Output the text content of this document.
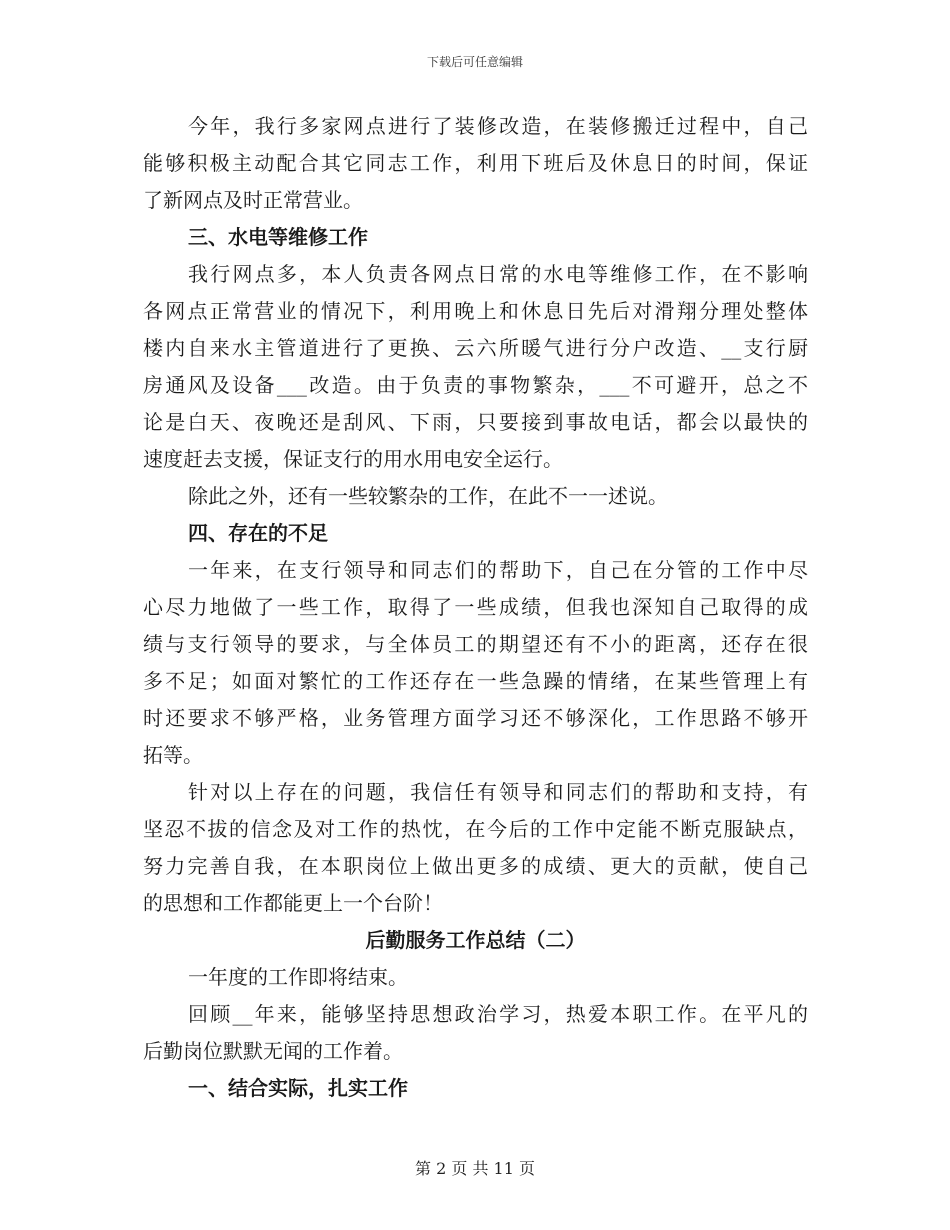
下载后可任意编辑
今年，我行多家网点进行了装修改造，在装修搬迁过程中，自己
能够积极主动配合其它同志工作，利用下班后及休息日的时间，保证
了新网点及时正常营业。
三、水电等维修工作
我行网点多，本人负责各网点日常的水电等维修工作，在不影响
各网点正常营业的情况下，利用晚上和休息日先后对滑翔分理处整体
楼内自来水主管道进行了更换、云六所暖气进行分户改造、__支行厨
房通风及设备___改造。由于负责的事物繁杂，___不可避开，总之不
论是白天、夜晚还是刮风、下雨，只要接到事故电话，都会以最快的
速度赶去支援，保证支行的用水用电安全运行。
除此之外，还有一些较繁杂的工作，在此不一一述说。
四、存在的不足
一年来，在支行领导和同志们的帮助下，自己在分管的工作中尽
心尽力地做了一些工作，取得了一些成绩，但我也深知自己取得的成
绩与支行领导的要求，与全体员工的期望还有不小的距离，还存在很
多不足；如面对繁忙的工作还存在一些急躁的情绪，在某些管理上有
时还要求不够严格，业务管理方面学习还不够深化，工作思路不够开
拓等。
针对以上存在的问题，我信任有领导和同志们的帮助和支持，有
坚忍不拔的信念及对工作的热忱，在今后的工作中定能不断克服缺点，
努力完善自我，在本职岗位上做出更多的成绩、更大的贡献，使自己
的思想和工作都能更上一个台阶！
后勤服务工作总结（二）
一年度的工作即将结束。
回顾__年来，能够坚持思想政治学习，热爱本职工作。在平凡的
后勤岗位默默无闻的工作着。
一、结合实际，扎实工作
第 2 页 共 11 页
